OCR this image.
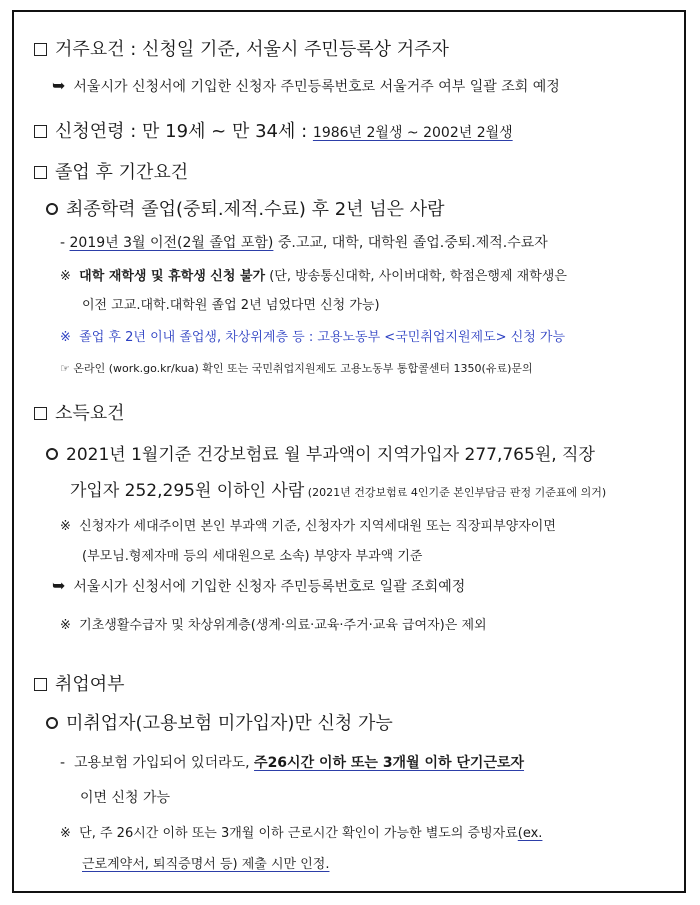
거주요건 : 신청일 기준, 서울시 주민등록상 거주자
➥ 서울시가 신청서에 기입한 신청자 주민등록번호로 서울거주 여부 일괄 조회 예정
신청연령 : 만 19세 ~ 만 34세 : 1986년 2월생 ~ 2002년 2월생
졸업 후 기간요건
최종학력 졸업(중퇴.제적.수료) 후 2년 넘은 사람
- 2019년 3월 이전(2월 졸업 포함) 중.고교, 대학, 대학원 졸업.중퇴.제적.수료자
※  대학 재학생 및 휴학생 신청 불가 (단, 방송통신대학, 사이버대학, 학점은행제 재학생은
이전 고교.대학.대학원 졸업 2년 넘었다면 신청 가능)
※  졸업 후 2년 이내 졸업생, 차상위계층 등 : 고용노동부 <국민취업지원제도> 신청 가능
☞ 온라인 (work.go.kr/kua) 확인 또는 국민취업지원제도 고용노동부 통합콜센터 1350(유료)문의
소득요건
2021년 1월기준 건강보험료 월 부과액이 지역가입자 277,765원, 직장
가입자 252,295원 이하인 사람 (2021년 건강보험료 4인기준 본인부담금 판정 기준표에 의거)
※  신청자가 세대주이면 본인 부과액 기준, 신청자가 지역세대원 또는 직장피부양자이면
(부모님.형제자매 등의 세대원으로 소속) 부양자 부과액 기준
➥ 서울시가 신청서에 기입한 신청자 주민등록번호로 일괄 조회예정
※  기초생활수급자 및 차상위계층(생계·의료·교육·주거·교육 급여자)은 제외
취업여부
미취업자(고용보험 미가입자)만 신청 가능
-  고용보험 가입되어 있더라도, 주26시간 이하 또는 3개월 이하 단기근로자
이면 신청 가능
※  단, 주 26시간 이하 또는 3개월 이하 근로시간 확인이 가능한 별도의 증빙자료(ex.
근로계약서, 퇴직증명서 등) 제출 시만 인정.
